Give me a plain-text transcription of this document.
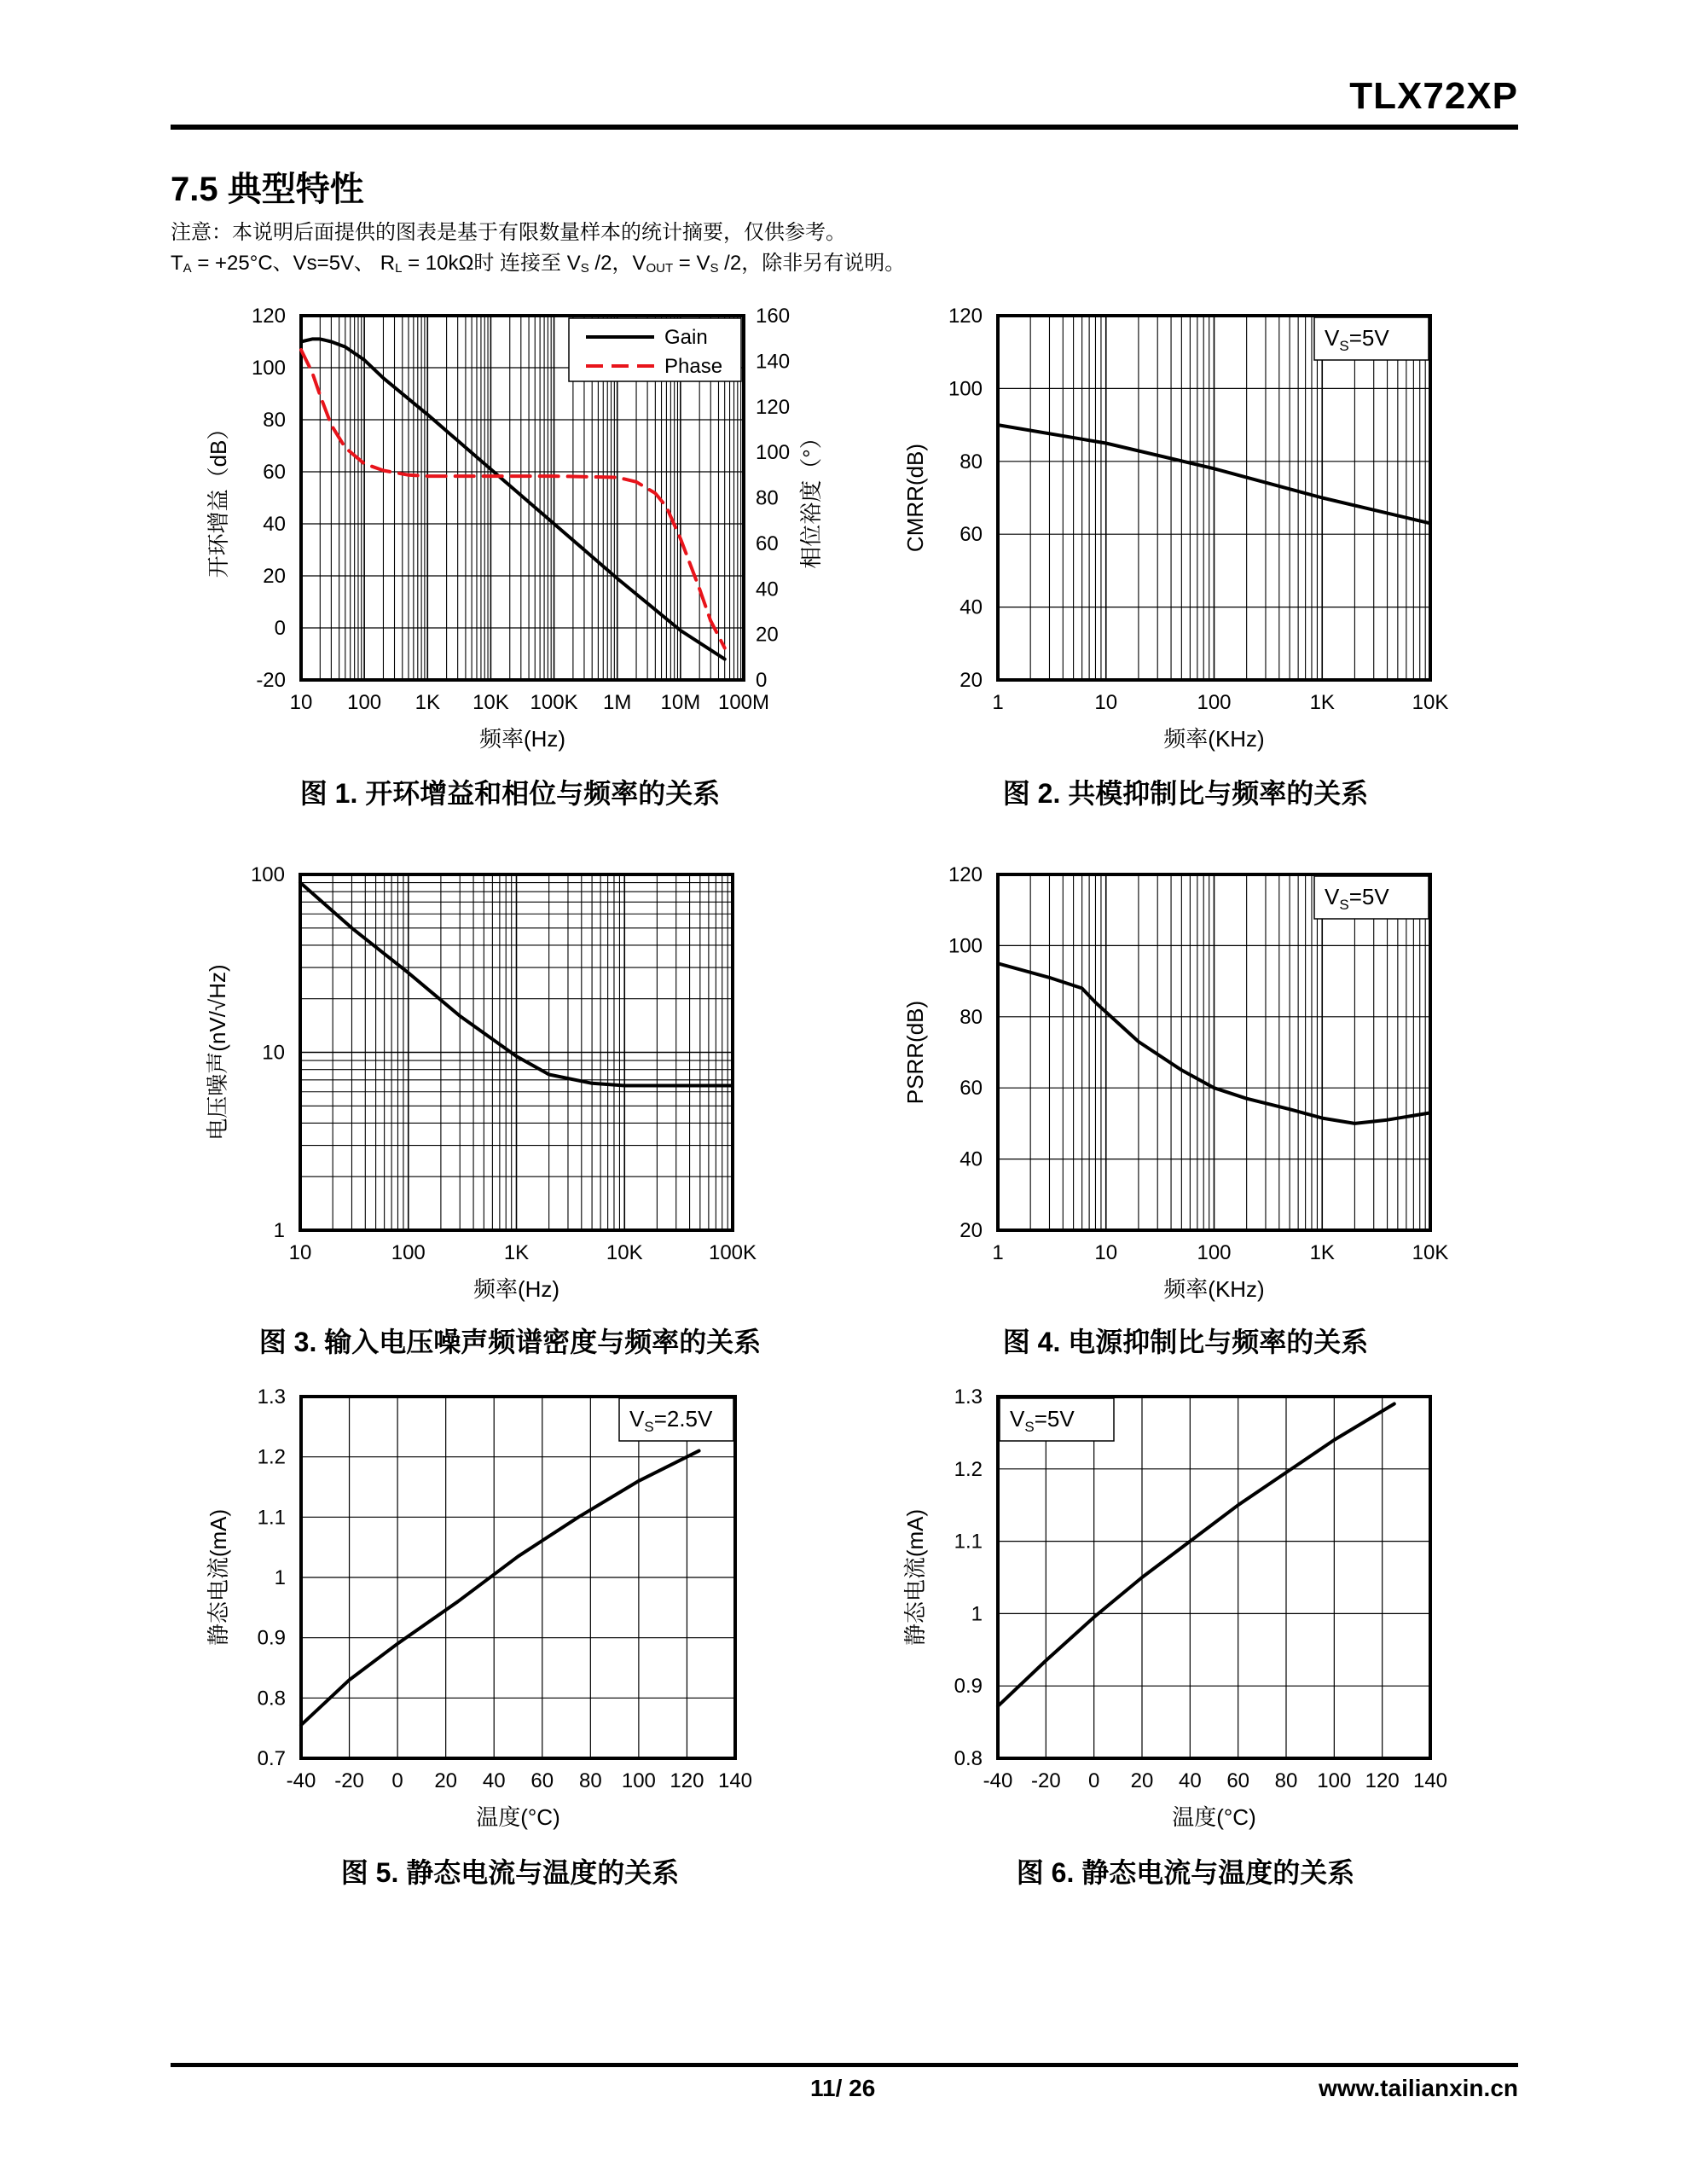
TLX72XP
7.5 典型特性
注意：本说明后面提供的图表是基于有限数量样本的统计摘要，仅供参考。
$T_A = +25^\circ C$、Vs=5V、 $R_L = 10k\Omega$时 连接至 $V_S$ /2，$V_{OUT} = V_S$ /2，除非另有说明。
10 100 1K 10K 100K 1M 10M 100M
-20
0
20
40
60
80
100
120
频率(Hz)
开环增益（dB）
0
20
40
60
80
100
120
140
160
相位裕度（°）
Gain
Phase
1	10	100	1K	10K
20
40
60
80
100
120
频率(KHz)
CMRR(dB)
$V_S=5V$
10	100	1K	10K	100K
1
10
100
频率(Hz)
电压噪声(nV/√Hz)
1	10	100	1K	10K
20
40
60
80
100
120
频率(KHz)
PSRR(dB)
$V_S=5V$
-40 -20 0 20 40 60 80 100 120 140
0.7
0.8
0.9
1
1.1
1.2
1.3
温度(°C)
静态电流(mA)
$V_S=2.5V$
-40 -20 0 20 40 60 80 100 120 140
0.8
0.9
1
1.1
1.2
1.3
温度(°C)
静态电流(mA)
$V_S=5V$
图 1. 开环增益和相位与频率的关系	图 2. 共模抑制比与频率的关系
图 3. 输入电压噪声频谱密度与频率的关系	图 4. 电源抑制比与频率的关系
图 5. 静态电流与温度的关系	图 6. 静态电流与温度的关系
11/ 26	www.tailianxin.cn
